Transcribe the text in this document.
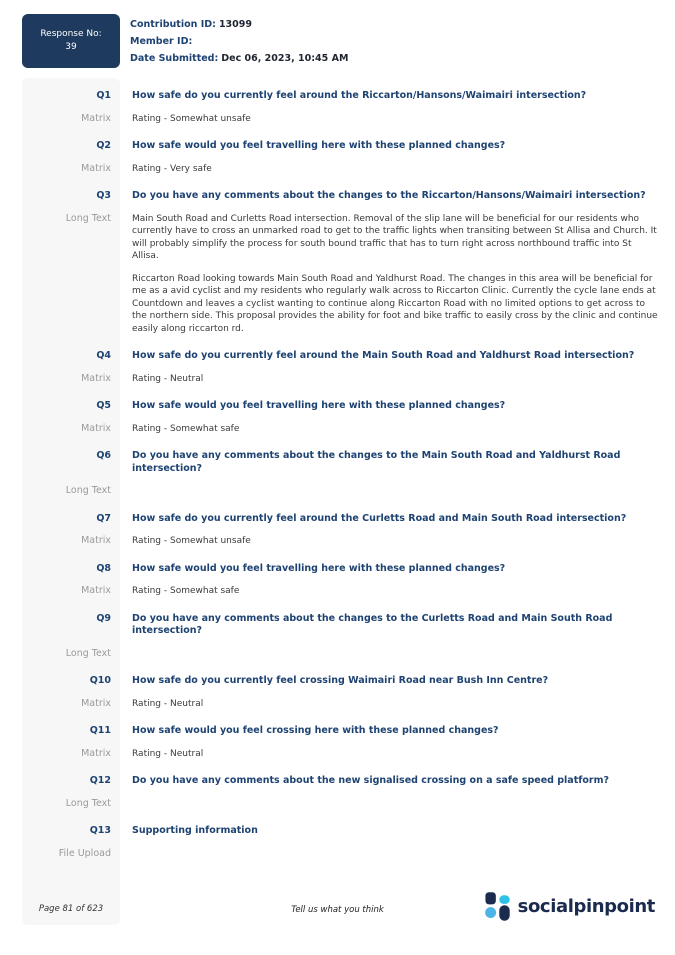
Response No:
39
Contribution ID: 13099
Member ID:
Date Submitted: Dec 06, 2023, 10:45 AM
Q1	How safe do you currently feel around the Riccarton/Hansons/Waimairi intersection?
Matrix	Rating - Somewhat unsafe

Q2	How safe would you feel travelling here with these planned changes?
Matrix	Rating - Very safe

Q3	Do you have any comments about the changes to the Riccarton/Hansons/Waimairi intersection?
Long Text	Main South Road and Curletts Road intersection. Removal of the slip lane will be beneficial for our residents who currently have to cross an unmarked road to get to the traffic lights when transiting between St Allisa and Church. It will probably simplify the process for south bound traffic that has to turn right across northbound traffic into St Allisa.

Riccarton Road looking towards Main South Road and Yaldhurst Road. The changes in this area will be beneficial for me as a avid cyclist and my residents who regularly walk across to Riccarton Clinic. Currently the cycle lane ends at Countdown and leaves a cyclist wanting to continue along Riccarton Road with no limited options to get across to the northern side. This proposal provides the ability for foot and bike traffic to easily cross by the clinic and continue easily along riccarton rd.

Q4	How safe do you currently feel around the Main South Road and Yaldhurst Road intersection?
Matrix	Rating - Neutral

Q5	How safe would you feel travelling here with these planned changes?
Matrix	Rating - Somewhat safe

Q6	Do you have any comments about the changes to the Main South Road and Yaldhurst Road intersection?
Long Text
Q7	How safe do you currently feel around the Curletts Road and Main South Road intersection?
Matrix	Rating - Somewhat unsafe

Q8	How safe would you feel travelling here with these planned changes?
Matrix	Rating - Somewhat safe

Q9	Do you have any comments about the changes to the Curletts Road and Main South Road intersection?
Long Text
Q10	How safe do you currently feel crossing Waimairi Road near Bush Inn Centre?
Matrix	Rating - Neutral

Q11	How safe would you feel crossing here with these planned changes?
Matrix	Rating - Neutral

Q12	Do you have any comments about the new signalised crossing on a safe speed platform?
Long Text
Q13	Supporting information
File Upload
Page 81 of 623	Tell us what you think	socialpinpoint
